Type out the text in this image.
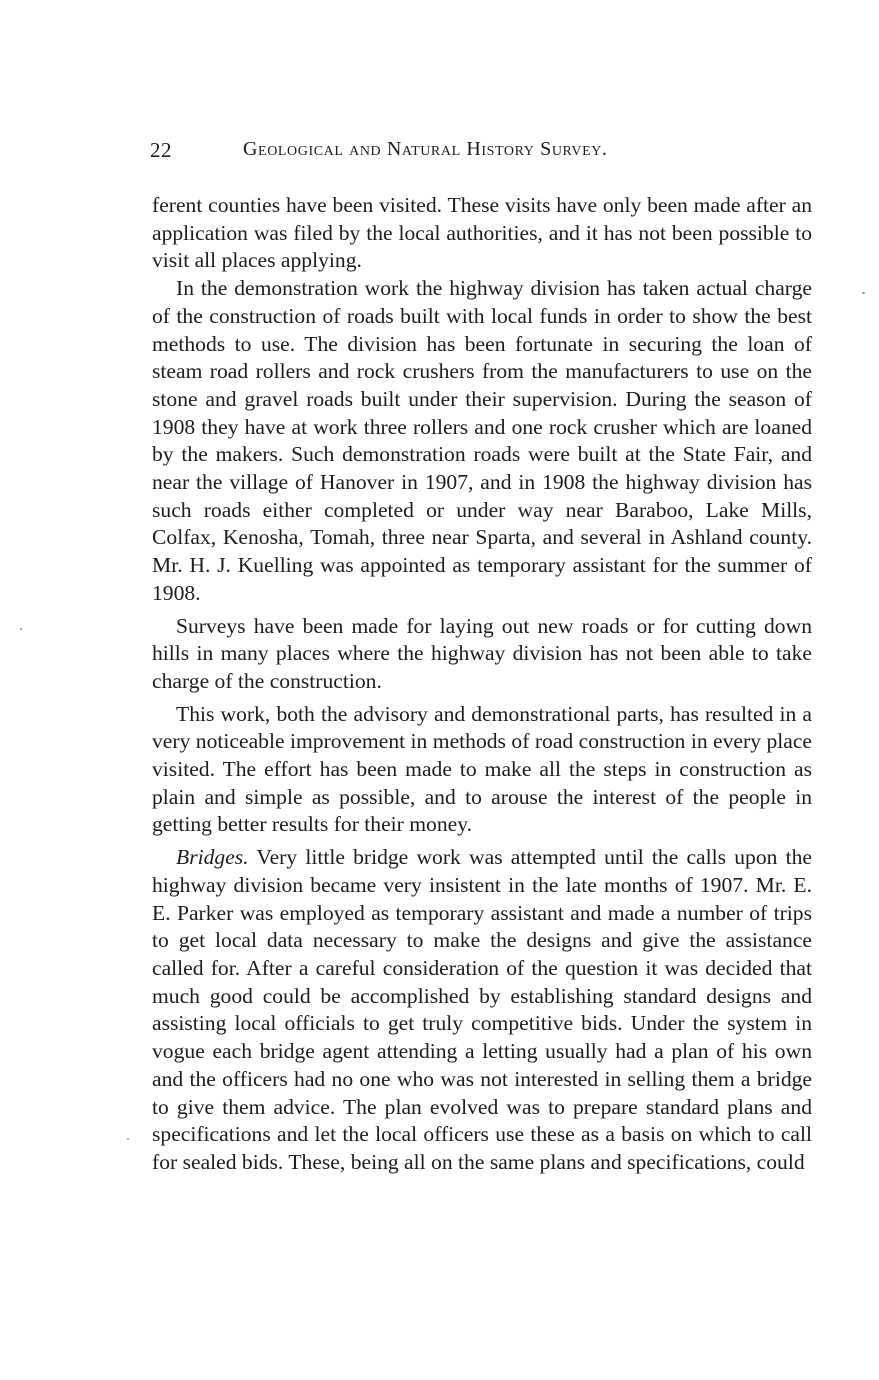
22	Geological and Natural History Survey.

ferent counties have been visited. These visits have only been made after an application was filed by the local authorities, and it has not been possible to visit all places applying.

In the demonstration work the highway division has taken actual charge of the construction of roads built with local funds in order to show the best methods to use. The division has been fortunate in securing the loan of steam road rollers and rock crushers from the manufacturers to use on the stone and gravel roads built under their supervision. During the season of 1908 they have at work three rollers and one rock crusher which are loaned by the makers. Such demonstration roads were built at the State Fair, and near the village of Hanover in 1907, and in 1908 the highway division has such roads either completed or under way near Baraboo, Lake Mills, Colfax, Kenosha, Tomah, three near Sparta, and several in Ashland county. Mr. H. J. Kuelling was appointed as temporary assistant for the summer of 1908.

Surveys have been made for laying out new roads or for cutting down hills in many places where the highway division has not been able to take charge of the construction.

This work, both the advisory and demonstrational parts, has resulted in a very noticeable improvement in methods of road construction in every place visited. The effort has been made to make all the steps in construction as plain and simple as possible, and to arouse the interest of the people in getting better results for their money.

Bridges. Very little bridge work was attempted until the calls upon the highway division became very insistent in the late months of 1907. Mr. E. E. Parker was employed as temporary assistant and made a number of trips to get local data necessary to make the designs and give the assistance called for. After a careful consideration of the question it was decided that much good could be accomplished by establishing standard designs and assisting local officials to get truly competitive bids. Under the system in vogue each bridge agent attending a letting usually had a plan of his own and the officers had no one who was not interested in selling them a bridge to give them advice. The plan evolved was to prepare standard plans and specifications and let the local officers use these as a basis on which to call for sealed bids. These, being all on the same plans and specifications, could
